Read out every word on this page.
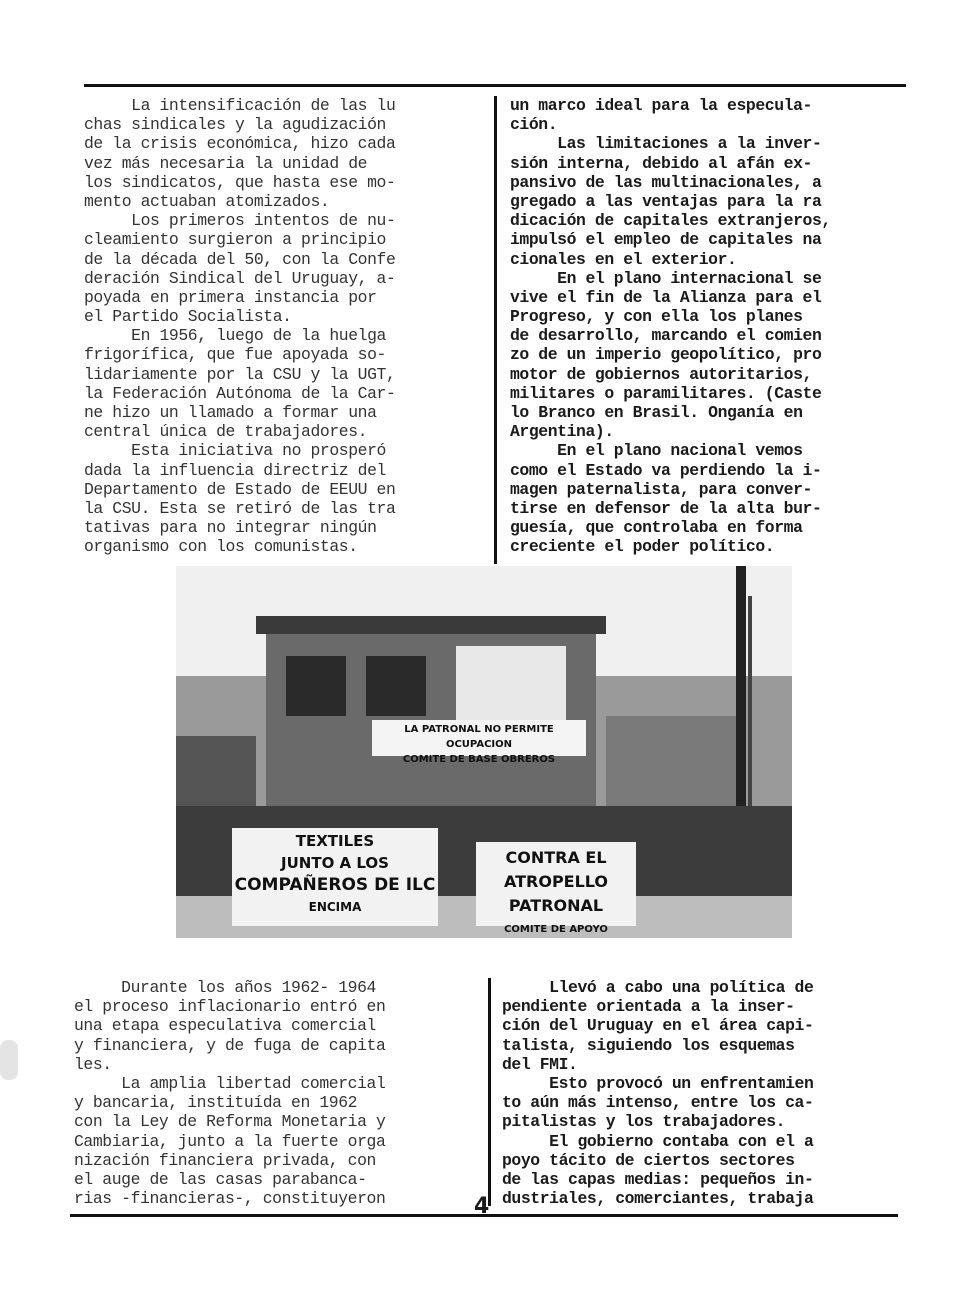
La intensificación de las lu
chas sindicales y la agudización
de la crisis económica, hizo cada
vez más necesaria la unidad de
los sindicatos, que hasta ese mo-
mento actuaban atomizados.
Los primeros intentos de nu-
cleamiento surgieron a principio
de la década del 50, con la Confe
deración Sindical del Uruguay, a-
poyada en primera instancia por
el Partido Socialista.
En 1956, luego de la huelga
frigorífica, que fue apoyada so-
lidariamente por la CSU y la UGT,
la Federación Autónoma de la Car-
ne hizo un llamado a formar una
central única de trabajadores.
Esta iniciativa no prosperó
dada la influencia directriz del
Departamento de Estado de EEUU en
la CSU. Esta se retiró de las tra
tativas para no integrar ningún
organismo con los comunistas.
un marco ideal para la especula-
ción.
Las limitaciones a la inver-
sión interna, debido al afán ex-
pansivo de las multinacionales, a
gregado a las ventajas para la ra
dicación de capitales extranjeros,
impulsó el empleo de capitales na
cionales en el exterior.
En el plano internacional se
vive el fin de la Alianza para el
Progreso, y con ella los planes
de desarrollo, marcando el comien
zo de un imperio geopolítico, pro
motor de gobiernos autoritarios,
militares o paramilitares. (Caste
lo Branco en Brasil. Onganía en
Argentina).
En el plano nacional vemos
como el Estado va perdiendo la i-
magen paternalista, para conver-
tirse en defensor de la alta bur-
guesía, que controlaba en forma
creciente el poder político.
LA PATRONAL NO PERMITE OCUPACION
COMITE DE BASE OBREROS
TEXTILES
JUNTO A LOS
COMPAÑEROS DE ILC
ENCIMA
CONTRA EL ATROPELLO
PATRONAL
COMITE DE APOYO
Durante los años 1962- 1964
el proceso inflacionario entró en
una etapa especulativa comercial
y financiera, y de fuga de capita
les.
La amplia libertad comercial
y bancaria, instituída en 1962
con la Ley de Reforma Monetaria y
Cambiaria, junto a la fuerte orga
nización financiera privada, con
el auge de las casas parabanca-
rias -financieras-, constituyeron
Llevó a cabo una política de
pendiente orientada a la inser-
ción del Uruguay en el área capi-
talista, siguiendo los esquemas
del FMI.
Esto provocó un enfrentamien
to aún más intenso, entre los ca-
pitalistas y los trabajadores.
El gobierno contaba con el a
poyo tácito de ciertos sectores
de las capas medias: pequeños in-
dustriales, comerciantes, trabaja
4
